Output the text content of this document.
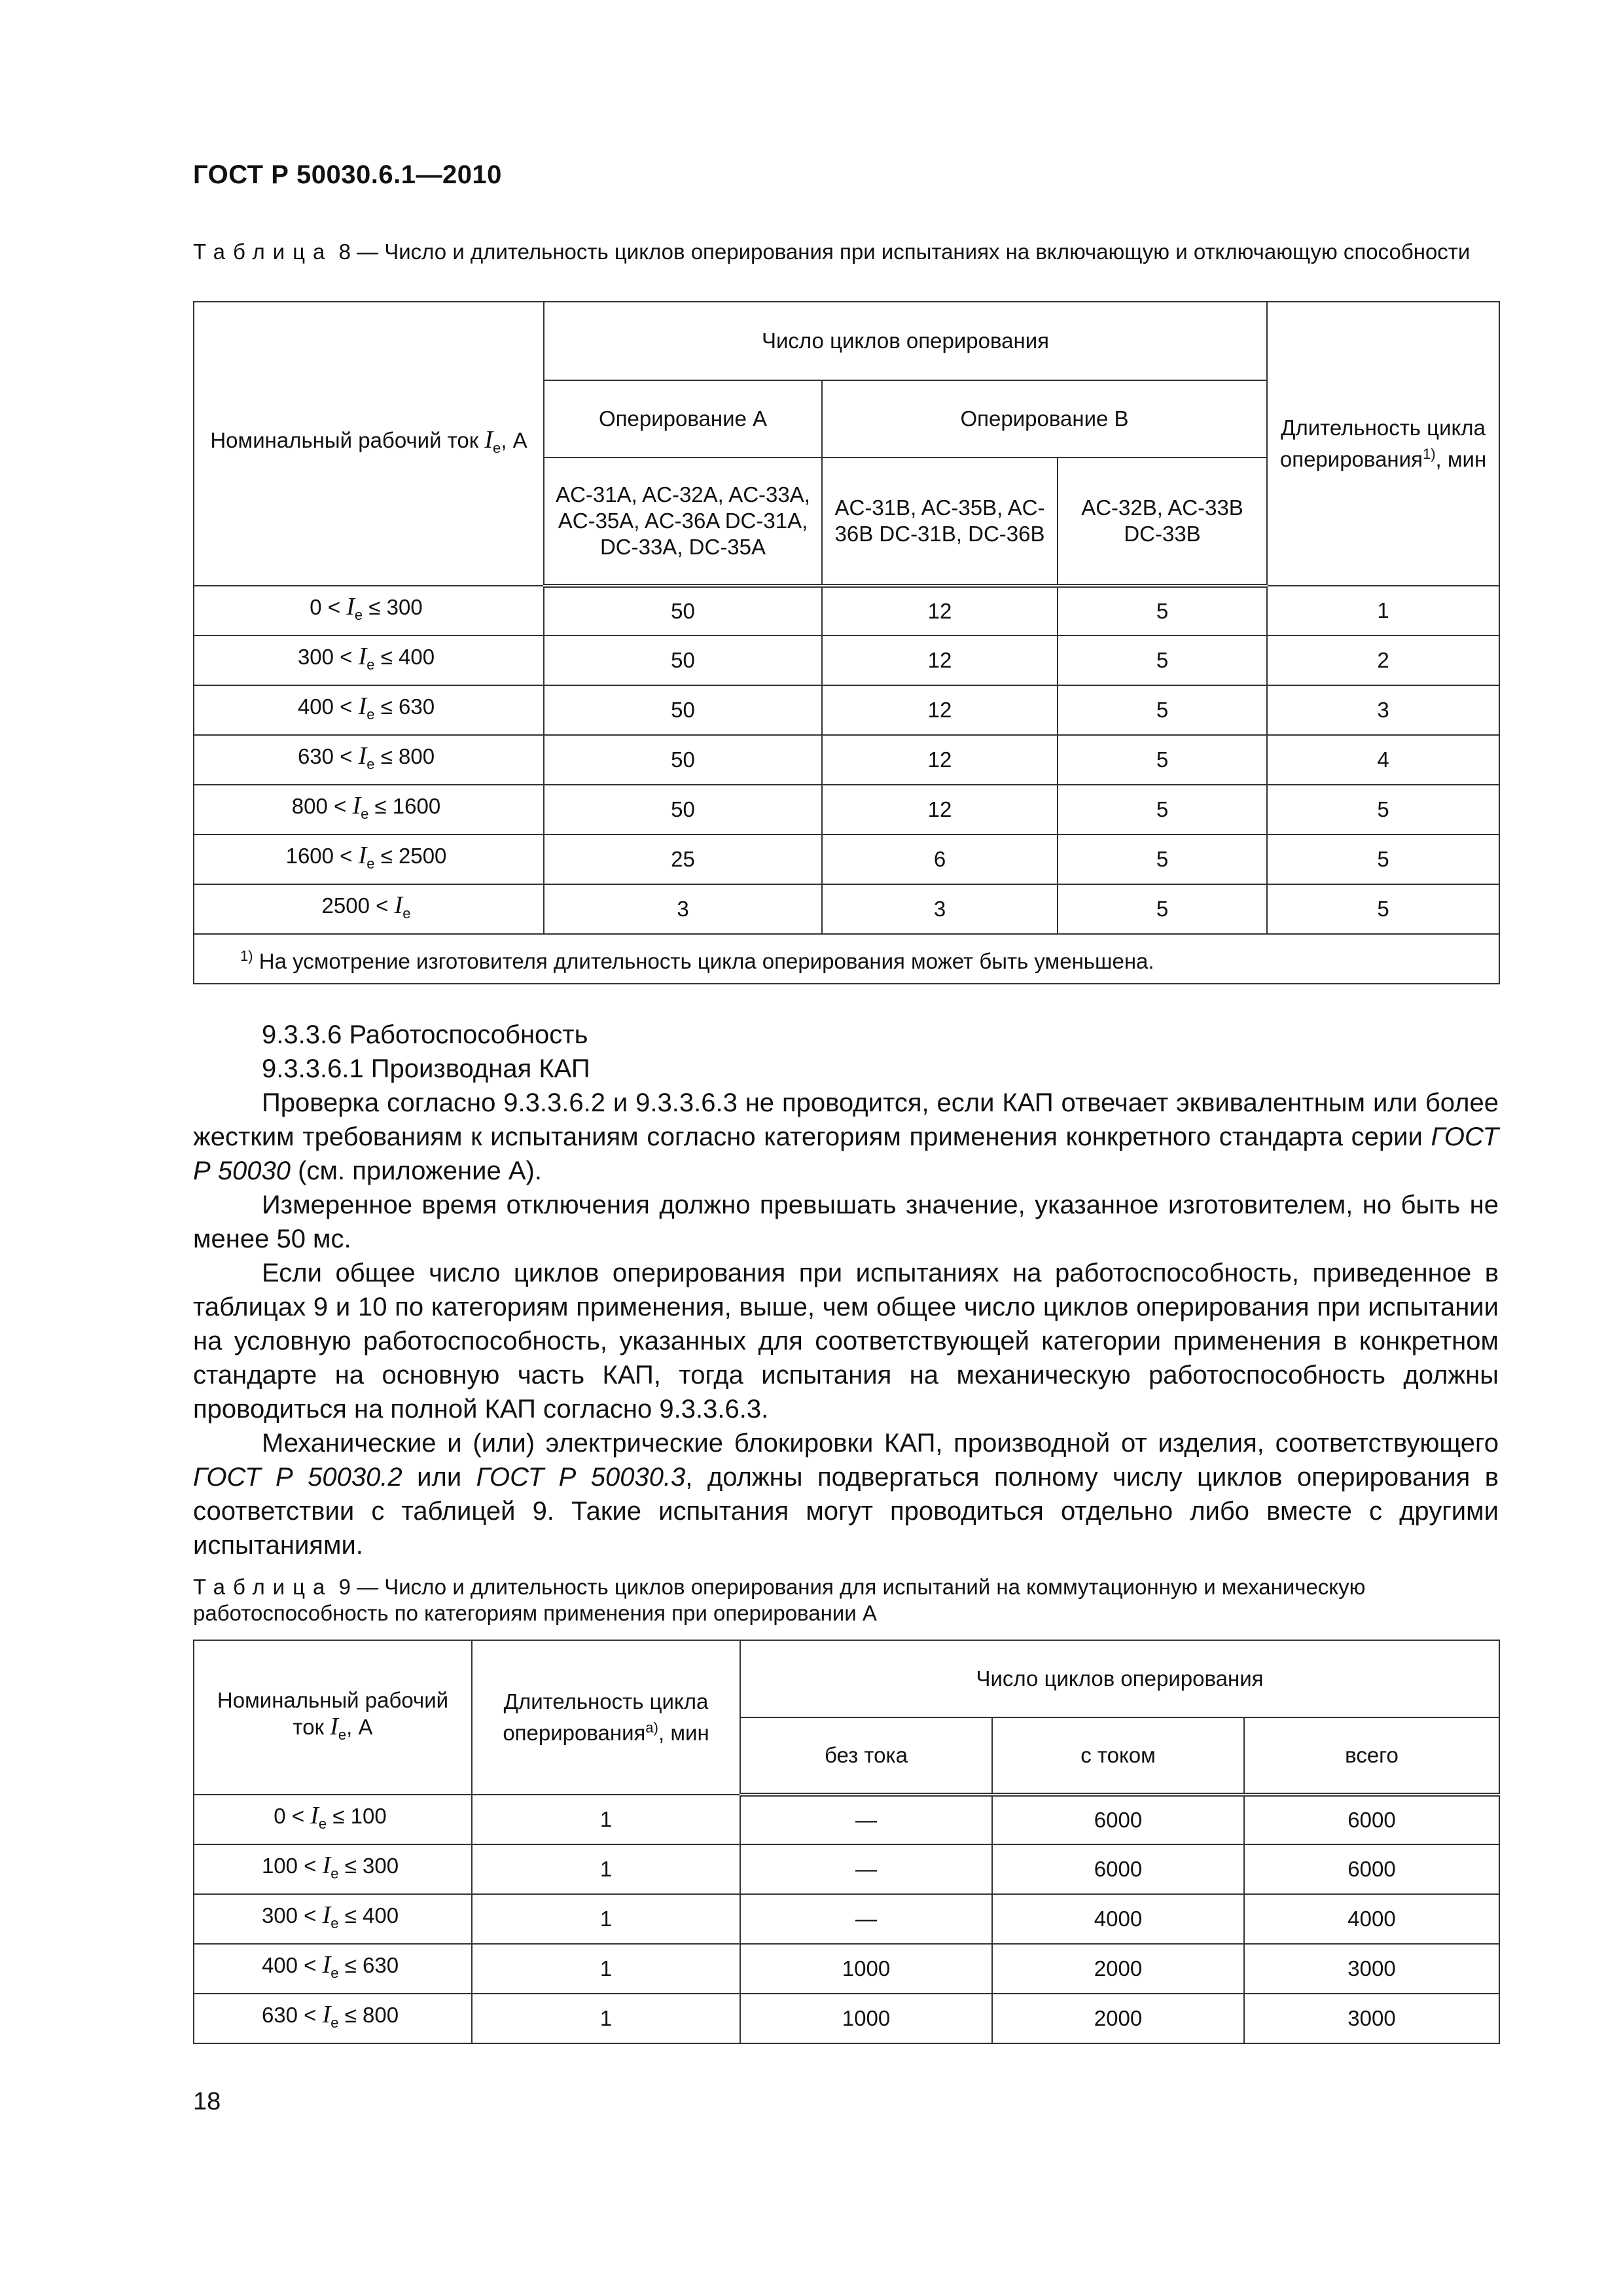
ГОСТ Р 50030.6.1—2010
Таблица 8 — Число и длительность циклов оперирования при испытаниях на включающую и отключающую способности
Номинальный рабочий ток $I_e$, А	Число циклов оперирования			Длительность цикла оперирования$^{1)}$, мин
	Оперирование А	Оперирование В		
	AC-31A, AC-32A, AC-33A, AC-35A, AC-36A DC-31A, DC-33A, DC-35A	AC-31B, AC-35B, AC-36B DC-31B, DC-36B	AC-32B, AC-33B DC-33B	
$0 < I_e \le 300$	50	12	5	1
$300 < I_e \le 400$	50	12	5	2
$400 < I_e \le 630$	50	12	5	3
$630 < I_e \le 800$	50	12	5	4
$800 < I_e \le 1600$	50	12	5	5
$1600 < I_e \le 2500$	25	6	5	5
$2500 < I_e$	3	3	5	5
$^{1)}$ На усмотрение изготовителя длительность цикла оперирования может быть уменьшена.				

9.3.3.6 Работоспособность

9.3.3.6.1 Производная КАП

Проверка согласно 9.3.3.6.2 и 9.3.3.6.3 не проводится, если КАП отвечает эквивалентным или более жестким требованиям к испытаниям согласно категориям применения конкретного стандарта серии ГОСТ Р 50030 (см. приложение А).

Измеренное время отключения должно превышать значение, указанное изготовителем, но быть не менее 50 мс.

Если общее число циклов оперирования при испытаниях на работоспособность, приведенное в таблицах 9 и 10 по категориям применения, выше, чем общее число циклов оперирования при испытании на условную работоспособность, указанных для соответствующей категории применения в конкретном стандарте на основную часть КАП, тогда испытания на механическую работоспособность должны проводиться на полной КАП согласно 9.3.3.6.3.

Механические и (или) электрические блокировки КАП, производной от изделия, соответствующего ГОСТ Р 50030.2 или ГОСТ Р 50030.3, должны подвергаться полному числу циклов оперирования в соответствии с таблицей 9. Такие испытания могут проводиться отдельно либо вместе с другими испытаниями.

Таблица 9 — Число и длительность циклов оперирования для испытаний на коммутационную и механическую работоспособность по категориям применения при оперировании А
Номинальный рабочий ток $I_e$, А	Длительность цикла оперирования$^{а)}$, мин	Число циклов оперирования		
		без тока	с током	всего
$0 < I_e \le 100$	1	—	6000	6000
$100 < I_e \le 300$	1	—	6000	6000
$300 < I_e \le 400$	1	—	4000	4000
$400 < I_e \le 630$	1	1000	2000	3000
$630 < I_e \le 800$	1	1000	2000	3000
18
